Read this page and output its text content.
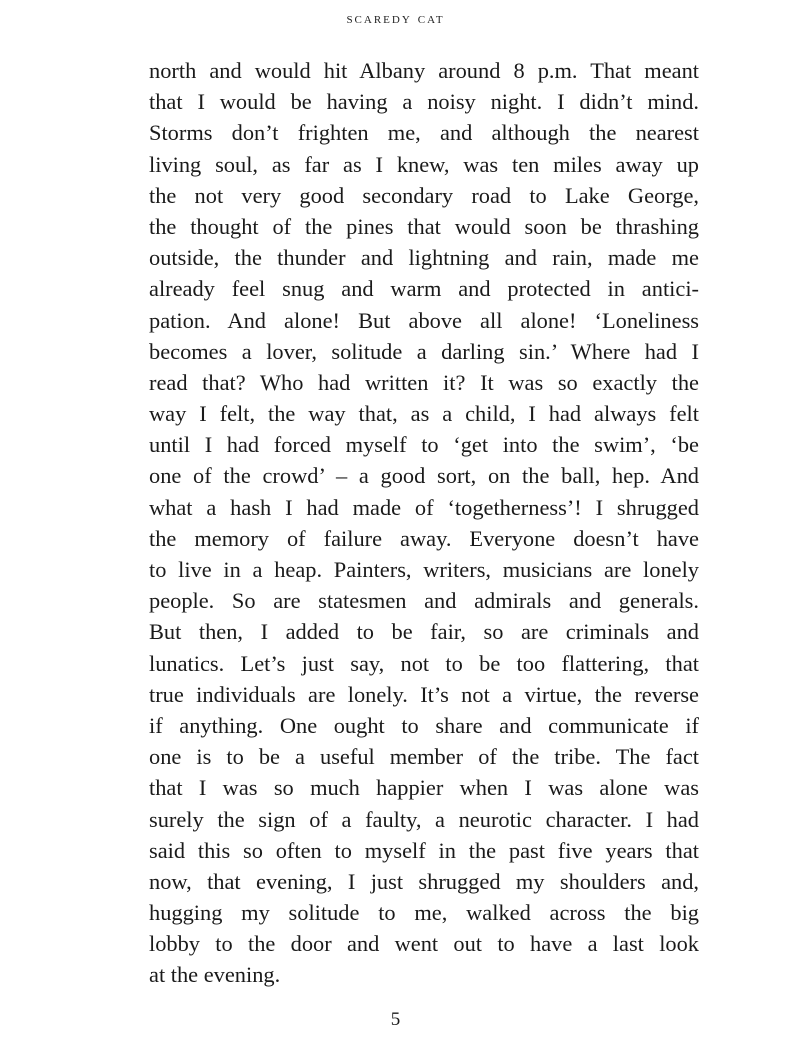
scaredy cat
north and would hit Albany around 8 p.m. That meant
that I would be having a noisy night. I didn’t mind.
Storms don’t frighten me, and although the nearest
living soul, as far as I knew, was ten miles away up
the not very good secondary road to Lake George,
the thought of the pines that would soon be thrashing
outside, the thunder and lightning and rain, made me
already feel snug and warm and protected in antici-
pation. And alone! But above all alone! ‘Loneliness
becomes a lover, solitude a darling sin.’ Where had I
read that? Who had written it? It was so exactly the
way I felt, the way that, as a child, I had always felt
until I had forced myself to ‘get into the swim’, ‘be
one of the crowd’ – a good sort, on the ball, hep. And
what a hash I had made of ‘togetherness’! I shrugged
the memory of failure away. Everyone doesn’t have
to live in a heap. Painters, writers, musicians are lonely
people. So are statesmen and admirals and generals.
But then, I added to be fair, so are criminals and
lunatics. Let’s just say, not to be too flattering, that
true individuals are lonely. It’s not a virtue, the reverse
if anything. One ought to share and communicate if
one is to be a useful member of the tribe. The fact
that I was so much happier when I was alone was
surely the sign of a faulty, a neurotic character. I had
said this so often to myself in the past five years that
now, that evening, I just shrugged my shoulders and,
hugging my solitude to me, walked across the big
lobby to the door and went out to have a last look
at the evening.
5
